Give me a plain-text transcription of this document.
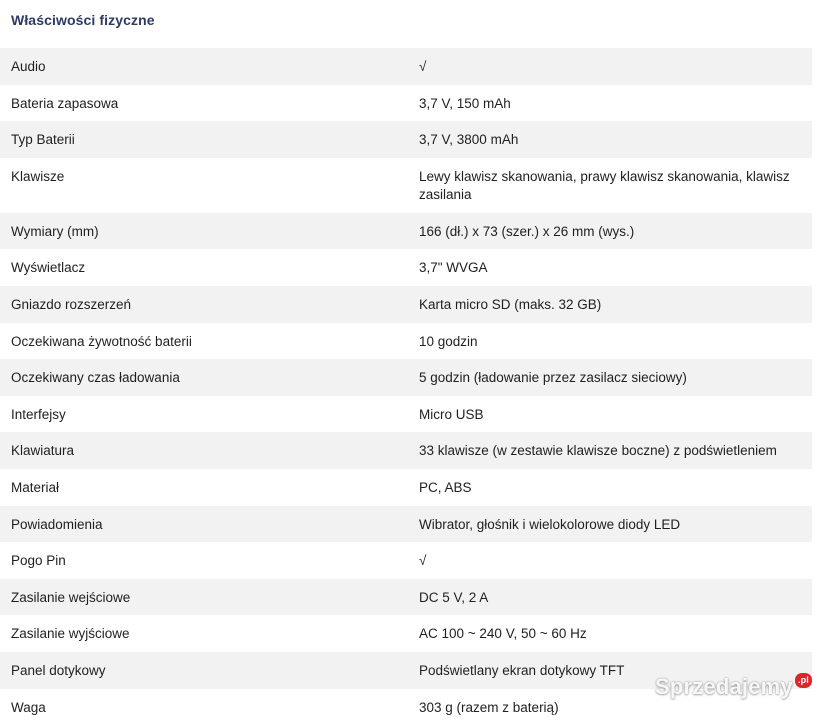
Właściwości fizyczne
Audio	√
Bateria zapasowa	3,7 V, 150 mAh
Typ Baterii	3,7 V, 3800 mAh
Klawisze	Lewy klawisz skanowania, prawy klawisz skanowania, klawisz zasilania
Wymiary (mm)	166 (dł.) x 73 (szer.) x 26 mm (wys.)
Wyświetlacz	3,7" WVGA
Gniazdo rozszerzeń	Karta micro SD (maks. 32 GB)
Oczekiwana żywotność baterii	10 godzin
Oczekiwany czas ładowania	5 godzin (ładowanie przez zasilacz sieciowy)
Interfejsy	Micro USB
Klawiatura	33 klawisze (w zestawie klawisze boczne) z podświetleniem
Materiał	PC, ABS
Powiadomienia	Wibrator, głośnik i wielokolorowe diody LED
Pogo Pin	√
Zasilanie wejściowe	DC 5 V, 2 A
Zasilanie wyjściowe	AC 100 ~ 240 V, 50 ~ 60 Hz
Panel dotykowy	Podświetlany ekran dotykowy TFT
Waga	303 g (razem z baterią)
Sprzedajemy .pl
